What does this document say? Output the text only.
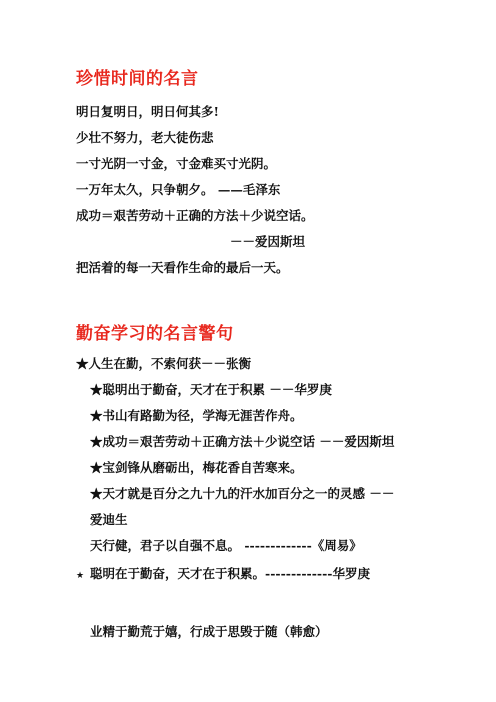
珍惜时间的名言

明日复明日，明日何其多!

少壮不努力，老大徒伤悲

一寸光阴一寸金，寸金难买寸光阴。

一万年太久，只争朝夕。 ——毛泽东

成功＝艰苦劳动＋正确的方法＋少说空话。

－－爱因斯坦

把活着的每一天看作生命的最后一天。

勤奋学习的名言警句

★人生在勤，不索何获－－张衡

★聪明出于勤奋，天才在于积累 －－华罗庚

★书山有路勤为径，学海无涯苦作舟。

★成功＝艰苦劳动＋正确方法＋少说空话 －－爱因斯坦

★宝剑锋从磨砺出，梅花香自苦寒来。

★天才就是百分之九十九的汗水加百分之一的灵感 －－

爱迪生

天行健，君子以自强不息。 -------------《周易》

★ 聪明在于勤奋，天才在于积累。-------------华罗庚

业精于勤荒于嬉，行成于思毁于随（韩愈）
